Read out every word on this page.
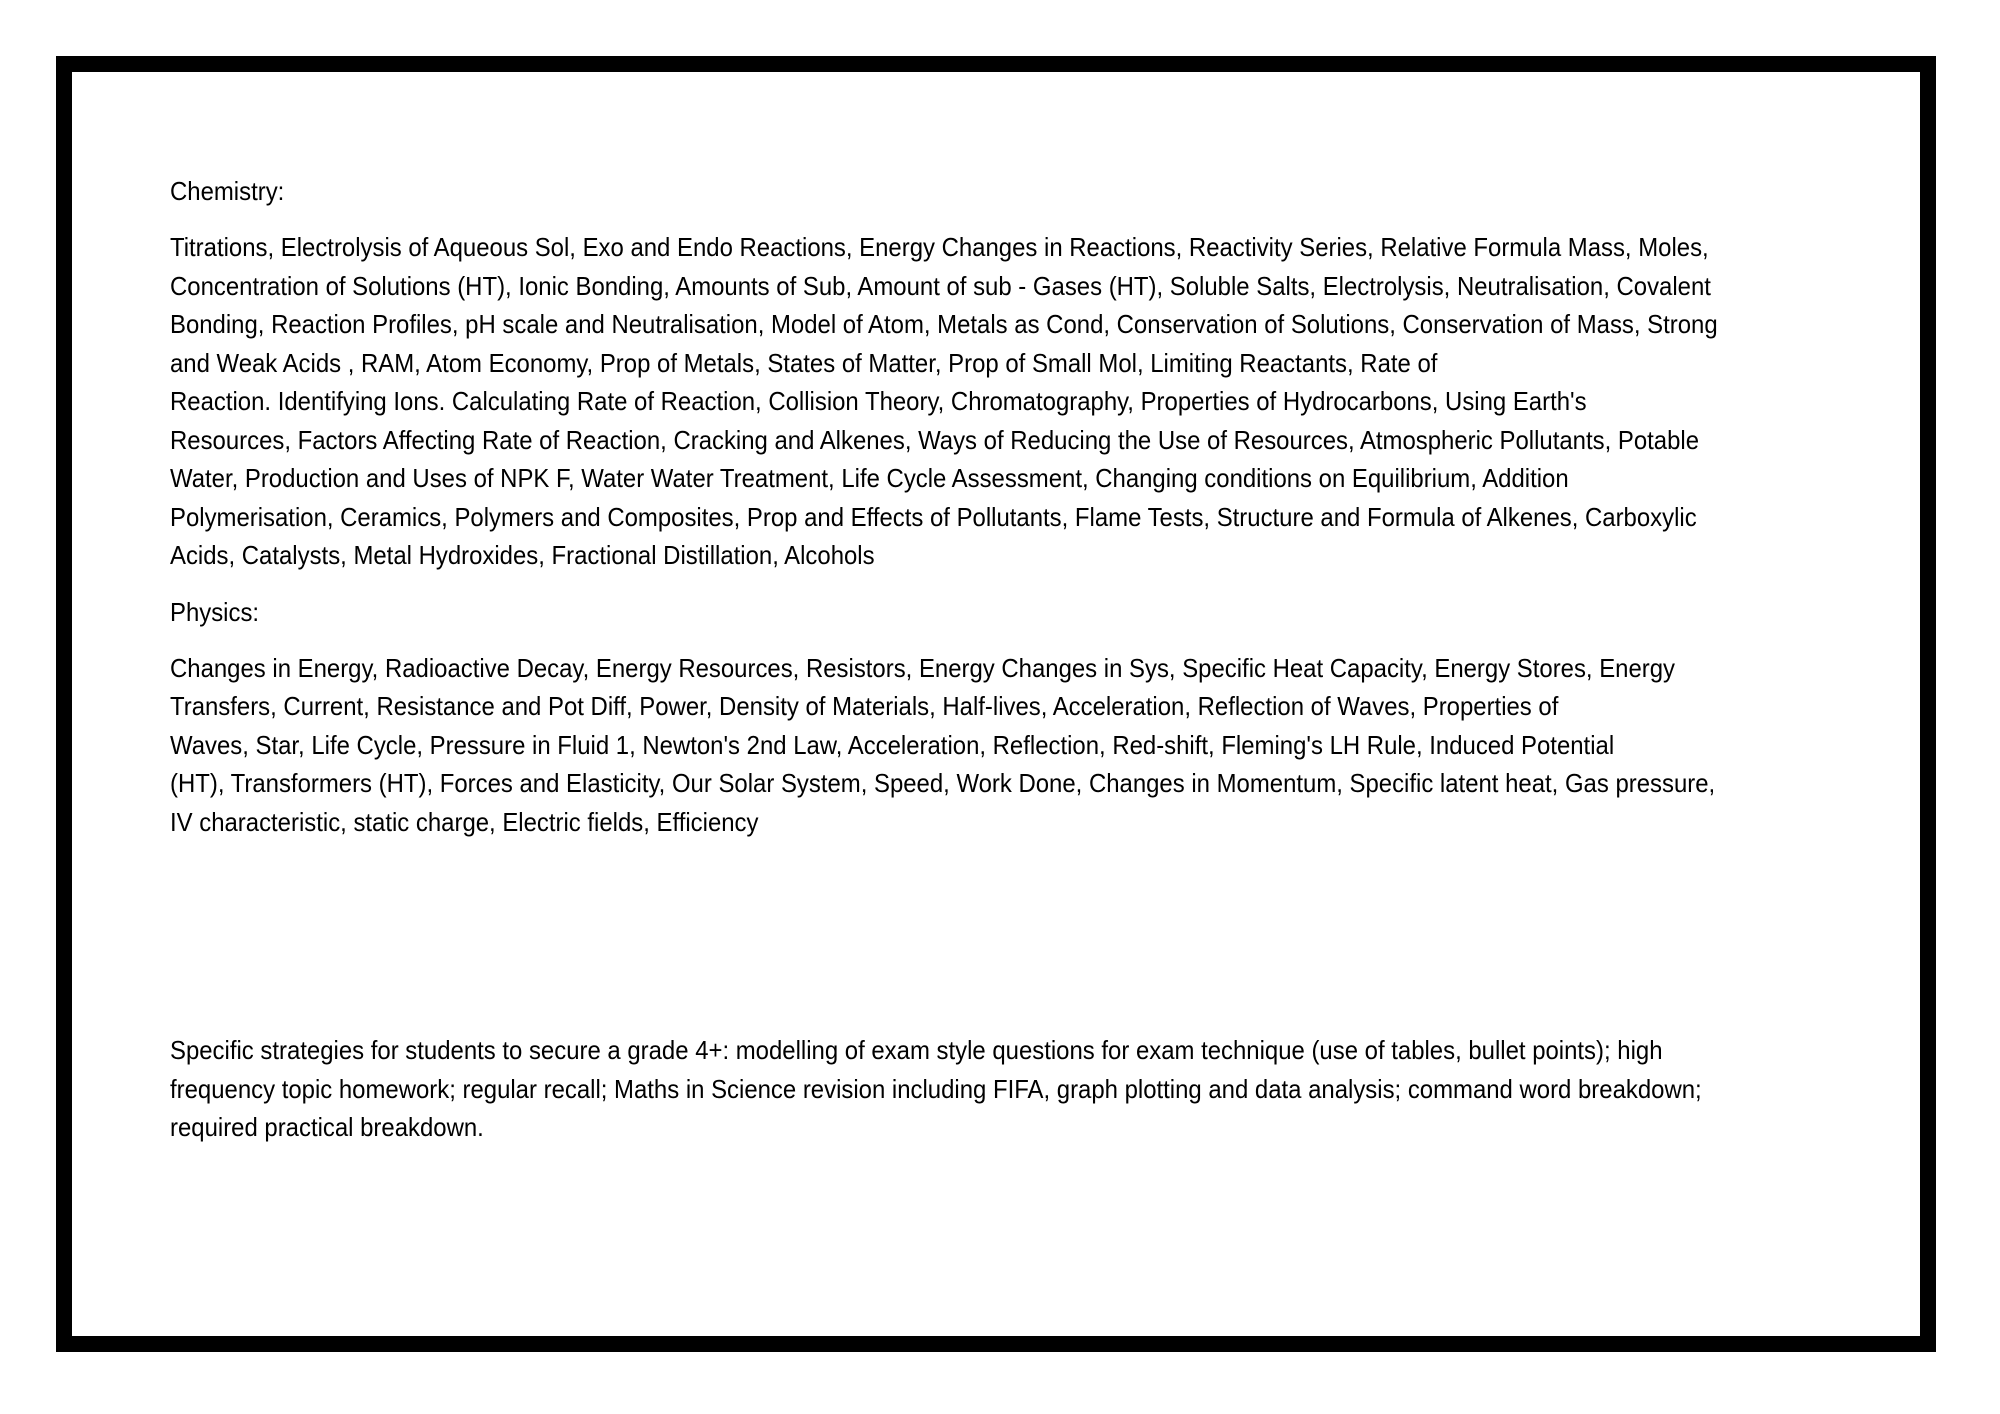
Chemistry:

Titrations, Electrolysis of Aqueous Sol, Exo and Endo Reactions, Energy Changes in Reactions, Reactivity Series, Relative Formula Mass, Moles,

Concentration of Solutions (HT), Ionic Bonding, Amounts of Sub, Amount of sub - Gases (HT), Soluble Salts, Electrolysis, Neutralisation, Covalent

Bonding, Reaction Profiles, pH scale and Neutralisation, Model of Atom, Metals as Cond, Conservation of Solutions, Conservation of Mass, Strong

and Weak Acids , RAM, Atom Economy, Prop of Metals, States of Matter, Prop of Small Mol, Limiting Reactants, Rate of

Reaction. Identifying Ions. Calculating Rate of Reaction, Collision Theory, Chromatography, Properties of Hydrocarbons, Using Earth's

Resources, Factors Affecting Rate of Reaction, Cracking and Alkenes, Ways of Reducing the Use of Resources, Atmospheric Pollutants, Potable

Water, Production and Uses of NPK F, Water Water Treatment, Life Cycle Assessment, Changing conditions on Equilibrium, Addition

Polymerisation, Ceramics, Polymers and Composites, Prop and Effects of Pollutants, Flame Tests, Structure and Formula of Alkenes, Carboxylic

Acids, Catalysts, Metal Hydroxides, Fractional Distillation, Alcohols

Physics:

Changes in Energy, Radioactive Decay, Energy Resources, Resistors, Energy Changes in Sys, Specific Heat Capacity, Energy Stores, Energy

Transfers, Current, Resistance and Pot Diff, Power, Density of Materials, Half-lives, Acceleration, Reflection of Waves, Properties of

Waves, Star, Life Cycle, Pressure in Fluid 1, Newton's 2nd Law, Acceleration, Reflection, Red-shift, Fleming's LH Rule, Induced Potential

(HT), Transformers (HT), Forces and Elasticity, Our Solar System, Speed, Work Done, Changes in Momentum, Specific latent heat, Gas pressure,

IV characteristic, static charge, Electric fields, Efficiency

Specific strategies for students to secure a grade 4+: modelling of exam style questions for exam technique (use of tables, bullet points); high

frequency topic homework; regular recall; Maths in Science revision including FIFA, graph plotting and data analysis; command word breakdown;

required practical breakdown.
